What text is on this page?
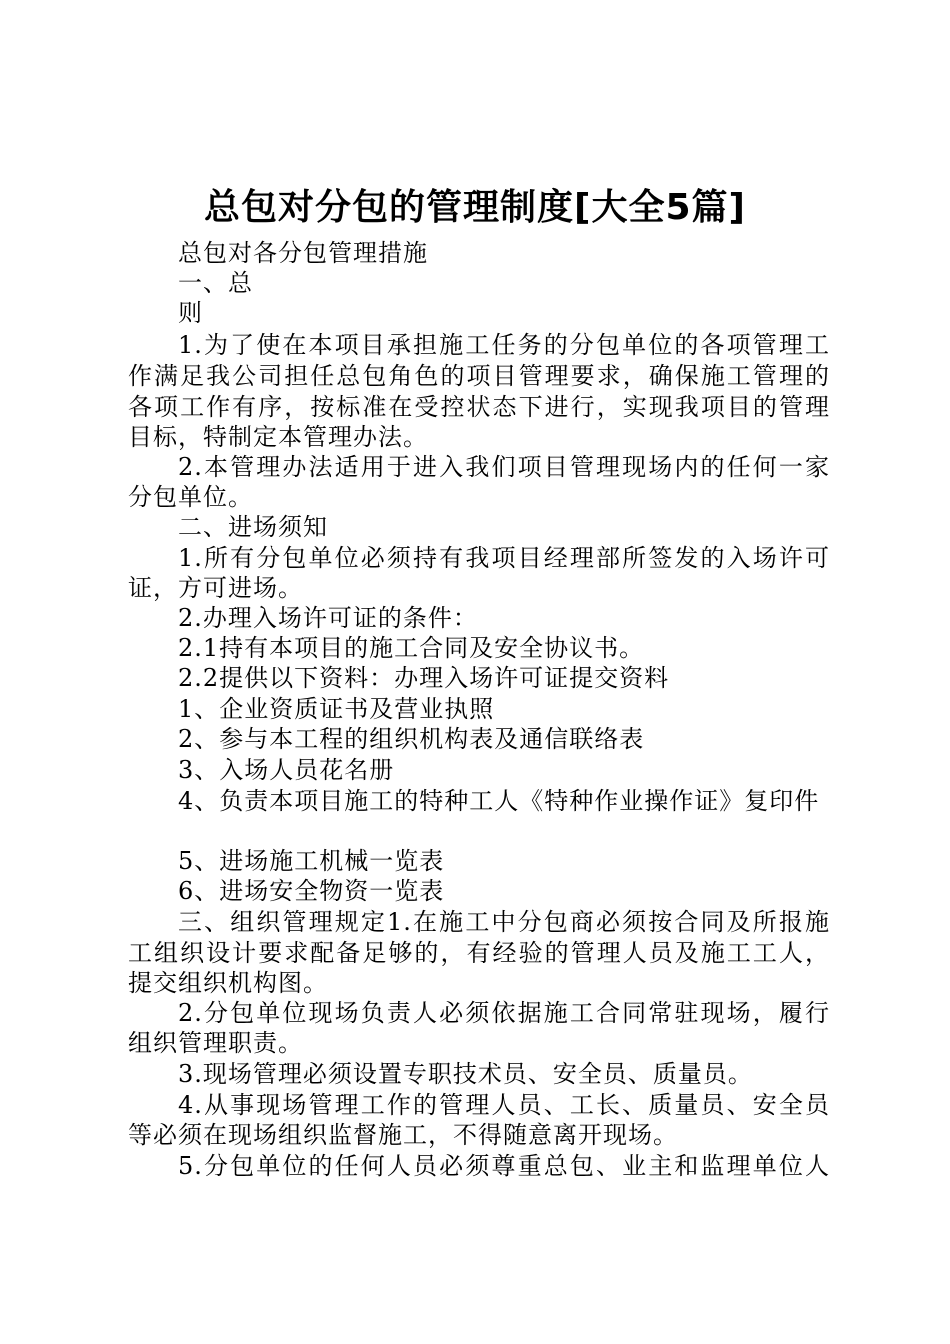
总包对分包的管理制度[大全5篇]
总包对各分包管理措施
一、总
则
1.为了使在本项目承担施工任务的分包单位的各项管理工
作满足我公司担任总包角色的项目管理要求，确保施工管理的
各项工作有序，按标准在受控状态下进行，实现我项目的管理
目标，特制定本管理办法。
2.本管理办法适用于进入我们项目管理现场内的任何一家
分包单位。
二、进场须知
1.所有分包单位必须持有我项目经理部所签发的入场许可
证，方可进场。
2.办理入场许可证的条件：
2.1持有本项目的施工合同及安全协议书。
2.2提供以下资料：办理入场许可证提交资料
1、企业资质证书及营业执照
2、参与本工程的组织机构表及通信联络表
3、入场人员花名册
4、负责本项目施工的特种工人《特种作业操作证》复印件
5、进场施工机械一览表
6、进场安全物资一览表
三、组织管理规定1.在施工中分包商必须按合同及所报施
工组织设计要求配备足够的，有经验的管理人员及施工工人，
提交组织机构图。
2.分包单位现场负责人必须依据施工合同常驻现场，履行
组织管理职责。
3.现场管理必须设置专职技术员、安全员、质量员。
4.从事现场管理工作的管理人员、工长、质量员、安全员
等必须在现场组织监督施工，不得随意离开现场。
5.分包单位的任何人员必须尊重总包、业主和监理单位人
